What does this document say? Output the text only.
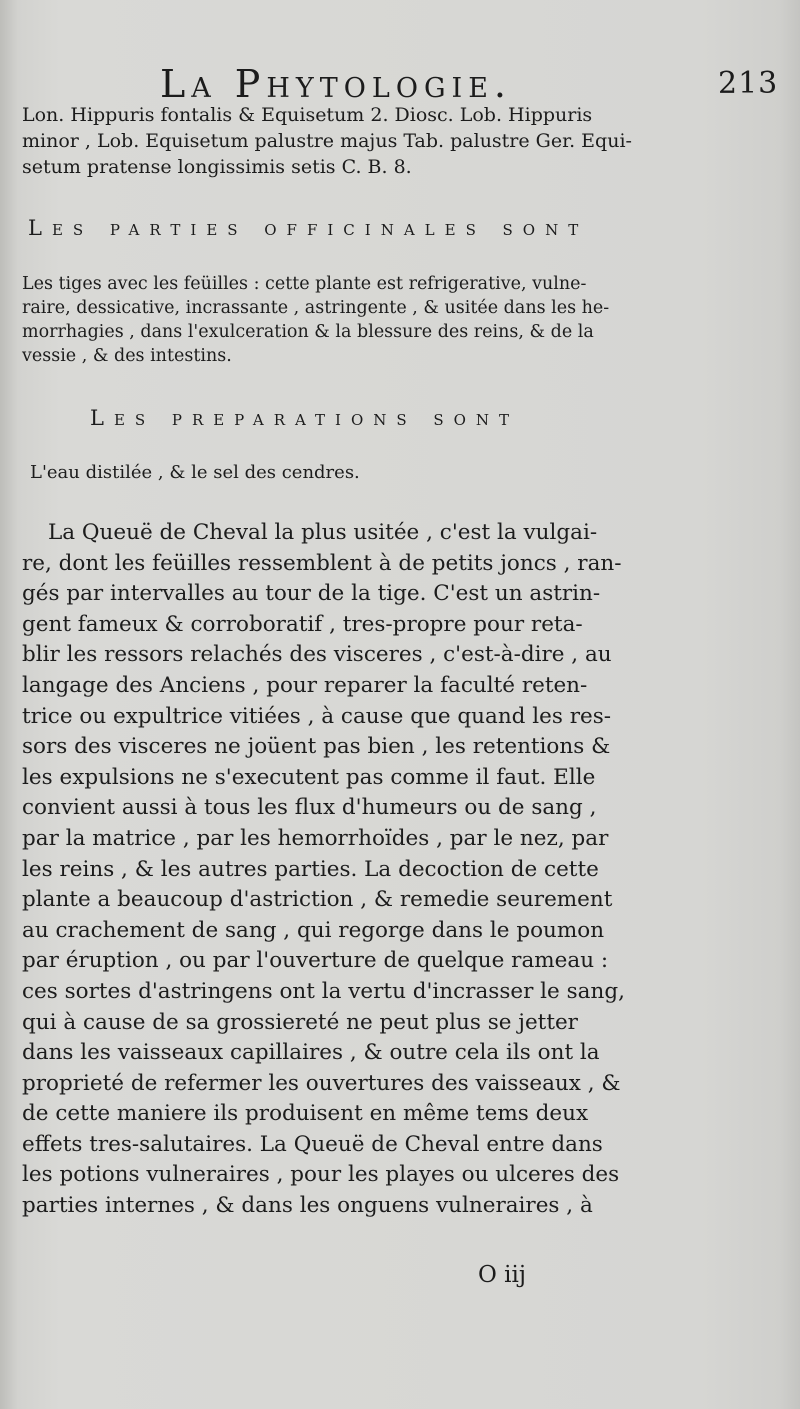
La Phytologie.	213
Lon. Hippuris fontalis & Equisetum 2. Diosc. Lob. Hippuris
minor , Lob. Equisetum palustre majus Tab. palustre Ger. Equi-
setum pratense longissimis setis C. B. 8.
Les parties officinales sont
Les tiges avec les feüilles : cette plante est refrigerative, vulne-
raire, dessicative, incrassante , astringente , & usitée dans les he-
morrhagies , dans l'exulceration & la blessure des reins, & de la
vessie , & des intestins.
Les preparations sont
L'eau distilée , & le sel des cendres.
La Queuë de Cheval la plus usitée , c'est la vulgai-
re, dont les feüilles ressemblent à de petits joncs , ran-
gés par intervalles au tour de la tige. C'est un astrin-
gent fameux & corroboratif , tres-propre pour reta-
blir les ressors relachés des visceres , c'est-à-dire , au
langage des Anciens , pour reparer la faculté reten-
trice ou expultrice vitiées , à cause que quand les res-
sors des visceres ne joüent pas bien , les retentions &
les expulsions ne s'executent pas comme il faut. Elle
convient aussi à tous les flux d'humeurs ou de sang ,
par la matrice , par les hemorrhoïdes , par le nez, par
les reins , & les autres parties. La decoction de cette
plante a beaucoup d'astriction , & remedie seurement
au crachement de sang , qui regorge dans le poumon
par éruption , ou par l'ouverture de quelque rameau :
ces sortes d'astringens ont la vertu d'incrasser le sang,
qui à cause de sa grossiereté ne peut plus se jetter
dans les vaisseaux capillaires , & outre cela ils ont la
proprieté de refermer les ouvertures des vaisseaux , &
de cette maniere ils produisent en même tems deux
effets tres-salutaires. La Queuë de Cheval entre dans
les potions vulneraires , pour les playes ou ulceres des
parties internes , & dans les onguens vulneraires , à
O iij
